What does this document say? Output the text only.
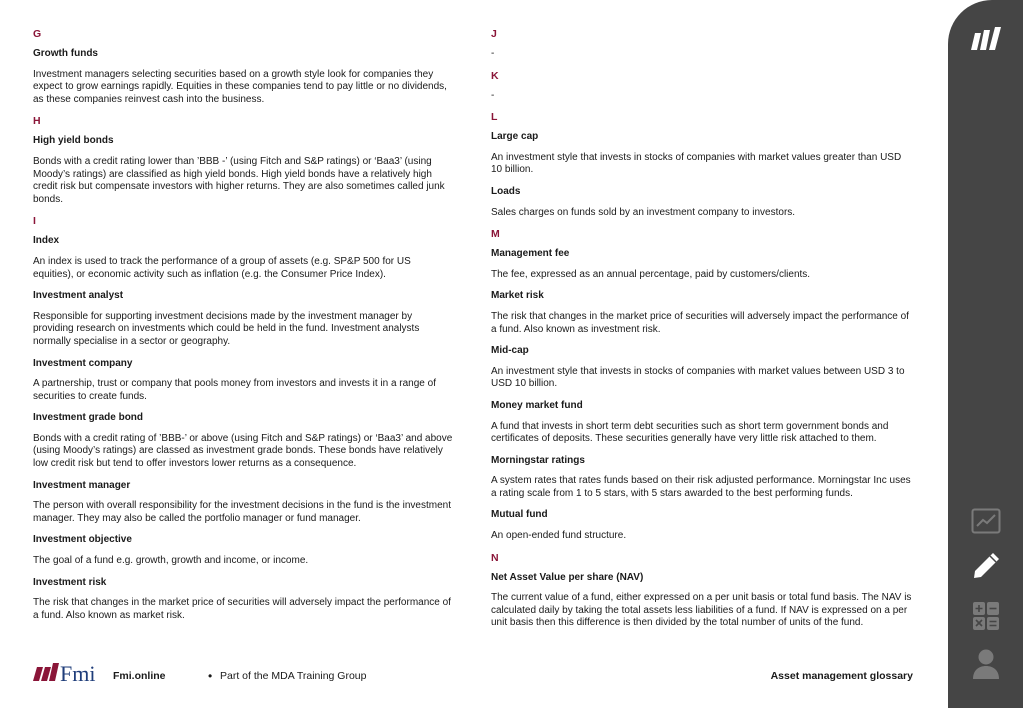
G
Growth funds
Investment managers selecting securities based on a growth style look for companies they expect to grow earnings rapidly. Equities in these companies tend to pay little or no dividends, as these companies reinvest cash into the business.
H
High yield bonds
Bonds with a credit rating lower than ’BBB -’ (using Fitch and S&P ratings) or ‘Baa3’ (using Moody’s ratings) are classified as high yield bonds. High yield bonds have a relatively high credit risk but compensate investors with higher returns. They are also sometimes called junk bonds.
I
Index
An index is used to track the performance of a group of assets (e.g. SP&P 500 for US equities), or economic activity such as inflation (e.g. the Consumer Price Index).
Investment analyst
Responsible for supporting investment decisions made by the investment manager by providing research on investments which could be held in the fund. Investment analysts normally specialise in a sector or geography.
Investment company
A partnership, trust or company that pools money from investors and invests it in a range of securities to create funds.
Investment grade bond
Bonds with a credit rating of ’BBB-’ or above (using Fitch and S&P ratings) or ‘Baa3’ and above (using Moody’s ratings) are classed as investment grade bonds. These bonds have relatively low credit risk but tend to offer investors lower returns as a consequence.
Investment manager
The person with overall responsibility for the investment decisions in the fund is the investment manager. They may also be called the portfolio manager or fund manager.
Investment objective
The goal of a fund e.g. growth, growth and income, or income.
Investment risk
The risk that changes in the market price of securities will adversely impact the performance of a fund. Also known as market risk.
J
-
K
-
L
Large cap
An investment style that invests in stocks of companies with market values greater than USD 10 billion.
Loads
Sales charges on funds sold by an investment company to investors.
M
Management fee
The fee, expressed as an annual percentage, paid by customers/clients.
Market risk
The risk that changes in the market price of securities will adversely impact the performance of a fund. Also known as investment risk.
Mid-cap
An investment style that invests in stocks of companies with market values between USD 3 to USD 10 billion.
Money market fund
A fund that invests in short term debt securities such as short term government bonds and certificates of deposits. These securities generally have very little risk attached to them.
Morningstar ratings
A system rates that rates funds based on their risk adjusted performance. Morningstar Inc uses a rating scale from 1 to 5 stars, with 5 stars awarded to the best performing funds.
Mutual fund
An open-ended fund structure.
N
Net Asset Value per share (NAV)
The current value of a fund, either expressed on a per unit basis or total fund basis. The NAV is calculated daily by taking the total assets less liabilities of a fund. If NAV is expressed on a per unit basis then this difference is then divided by the total number of units of the fund.
Fmi Fmi.online	• Part of the MDA Training Group	Asset management glossary
